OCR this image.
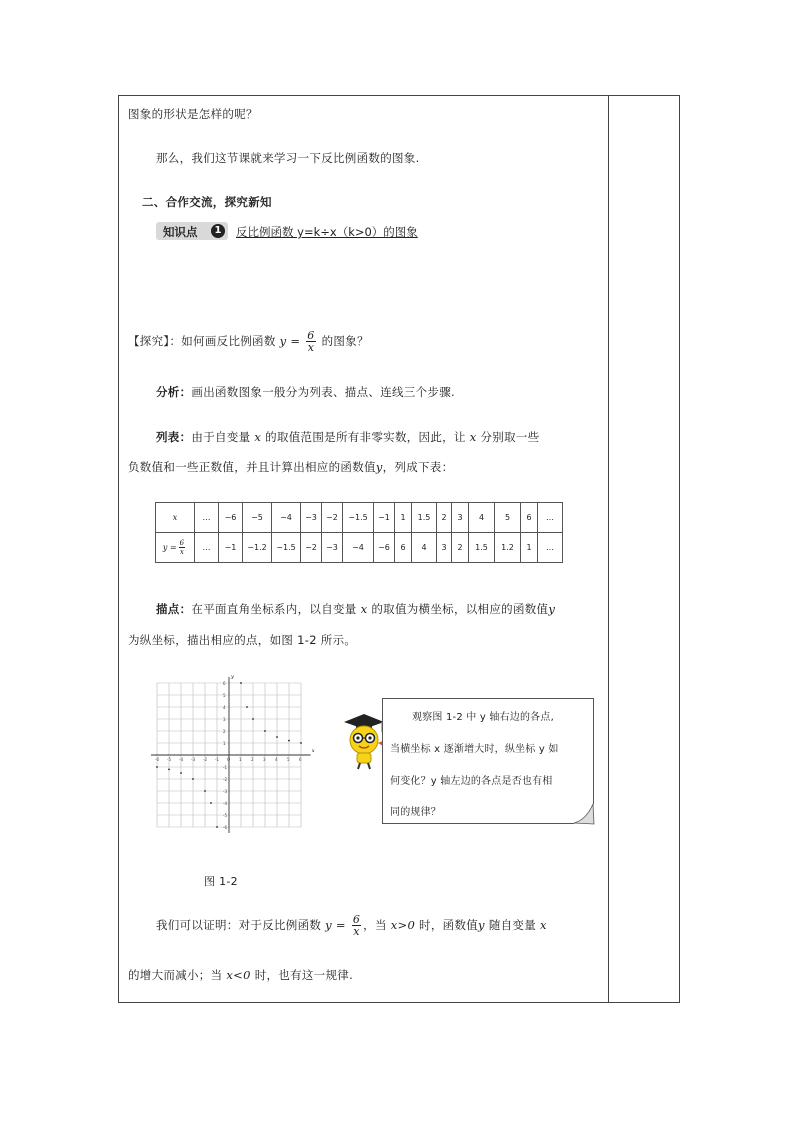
图象的形状是怎样的呢？
那么，我们这节课就来学习一下反比例函数的图象.
二、合作交流，探究新知
知识点	1	反比例函数 y=k÷x（k>0）的图象
【探究】：如何画反比例函数 $y = \frac{6}{x}$ 的图象？
分析：画出函数图象一般分为列表、描点、连线三个步骤.
列表：由于自变量 x 的取值范围是所有非零实数，因此，让 x 分别取一些
负数值和一些正数值，并且计算出相应的函数值y，列成下表：
x	…	−6	−5	−4	−3	−2	−1.5	−1	1	1.5	2	3	4	5	6	…
$y = \frac{6}{x}$	…	−1	−1.2	−1.5	−2	−3	−4	−6	6	4	3	2	1.5	1.2	1	…
描点：在平面直角坐标系内，以自变量 x 的取值为横坐标，以相应的函数值y
为纵坐标，描出相应的点，如图 1-2 所示。
x
y
-6
-6
-5
-5
-4
-4
-3
-3
-2
-2
-1
-1
O 1
1
2
2
3
3
4
4
5
5
6
6
图 1-2
观察图 1-2 中 y 轴右边的各点,
当横坐标 x 逐渐增大时，纵坐标 y 如
何变化？y 轴左边的各点是否也有相
同的规律？
我们可以证明：对于反比例函数 $y = \frac{6}{x}$ ，当 x>0 时，函数值y 随自变量 x
的增大而减小；当 x<0 时，也有这一规律.
